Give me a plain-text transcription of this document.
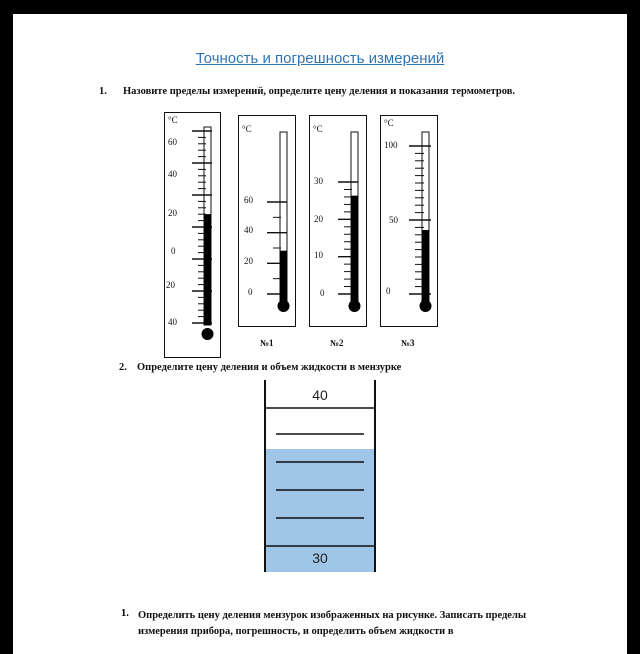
Точность и погрешность измерений
1. Назовите пределы измерений, определите цену деления и показания термометров.
°C
60
40
20
0
20
40
°C
60
40
20
0
№1
°C
30
20
10
0
№2
°C
100
50
0
№3
2. Определите цену деления и объем жидкости в мензурке
40
30
1. Определить цену деления мензурок изображенных на рисунке. Записать пределы измерения прибора, погрешность, и определить объем жидкости в
